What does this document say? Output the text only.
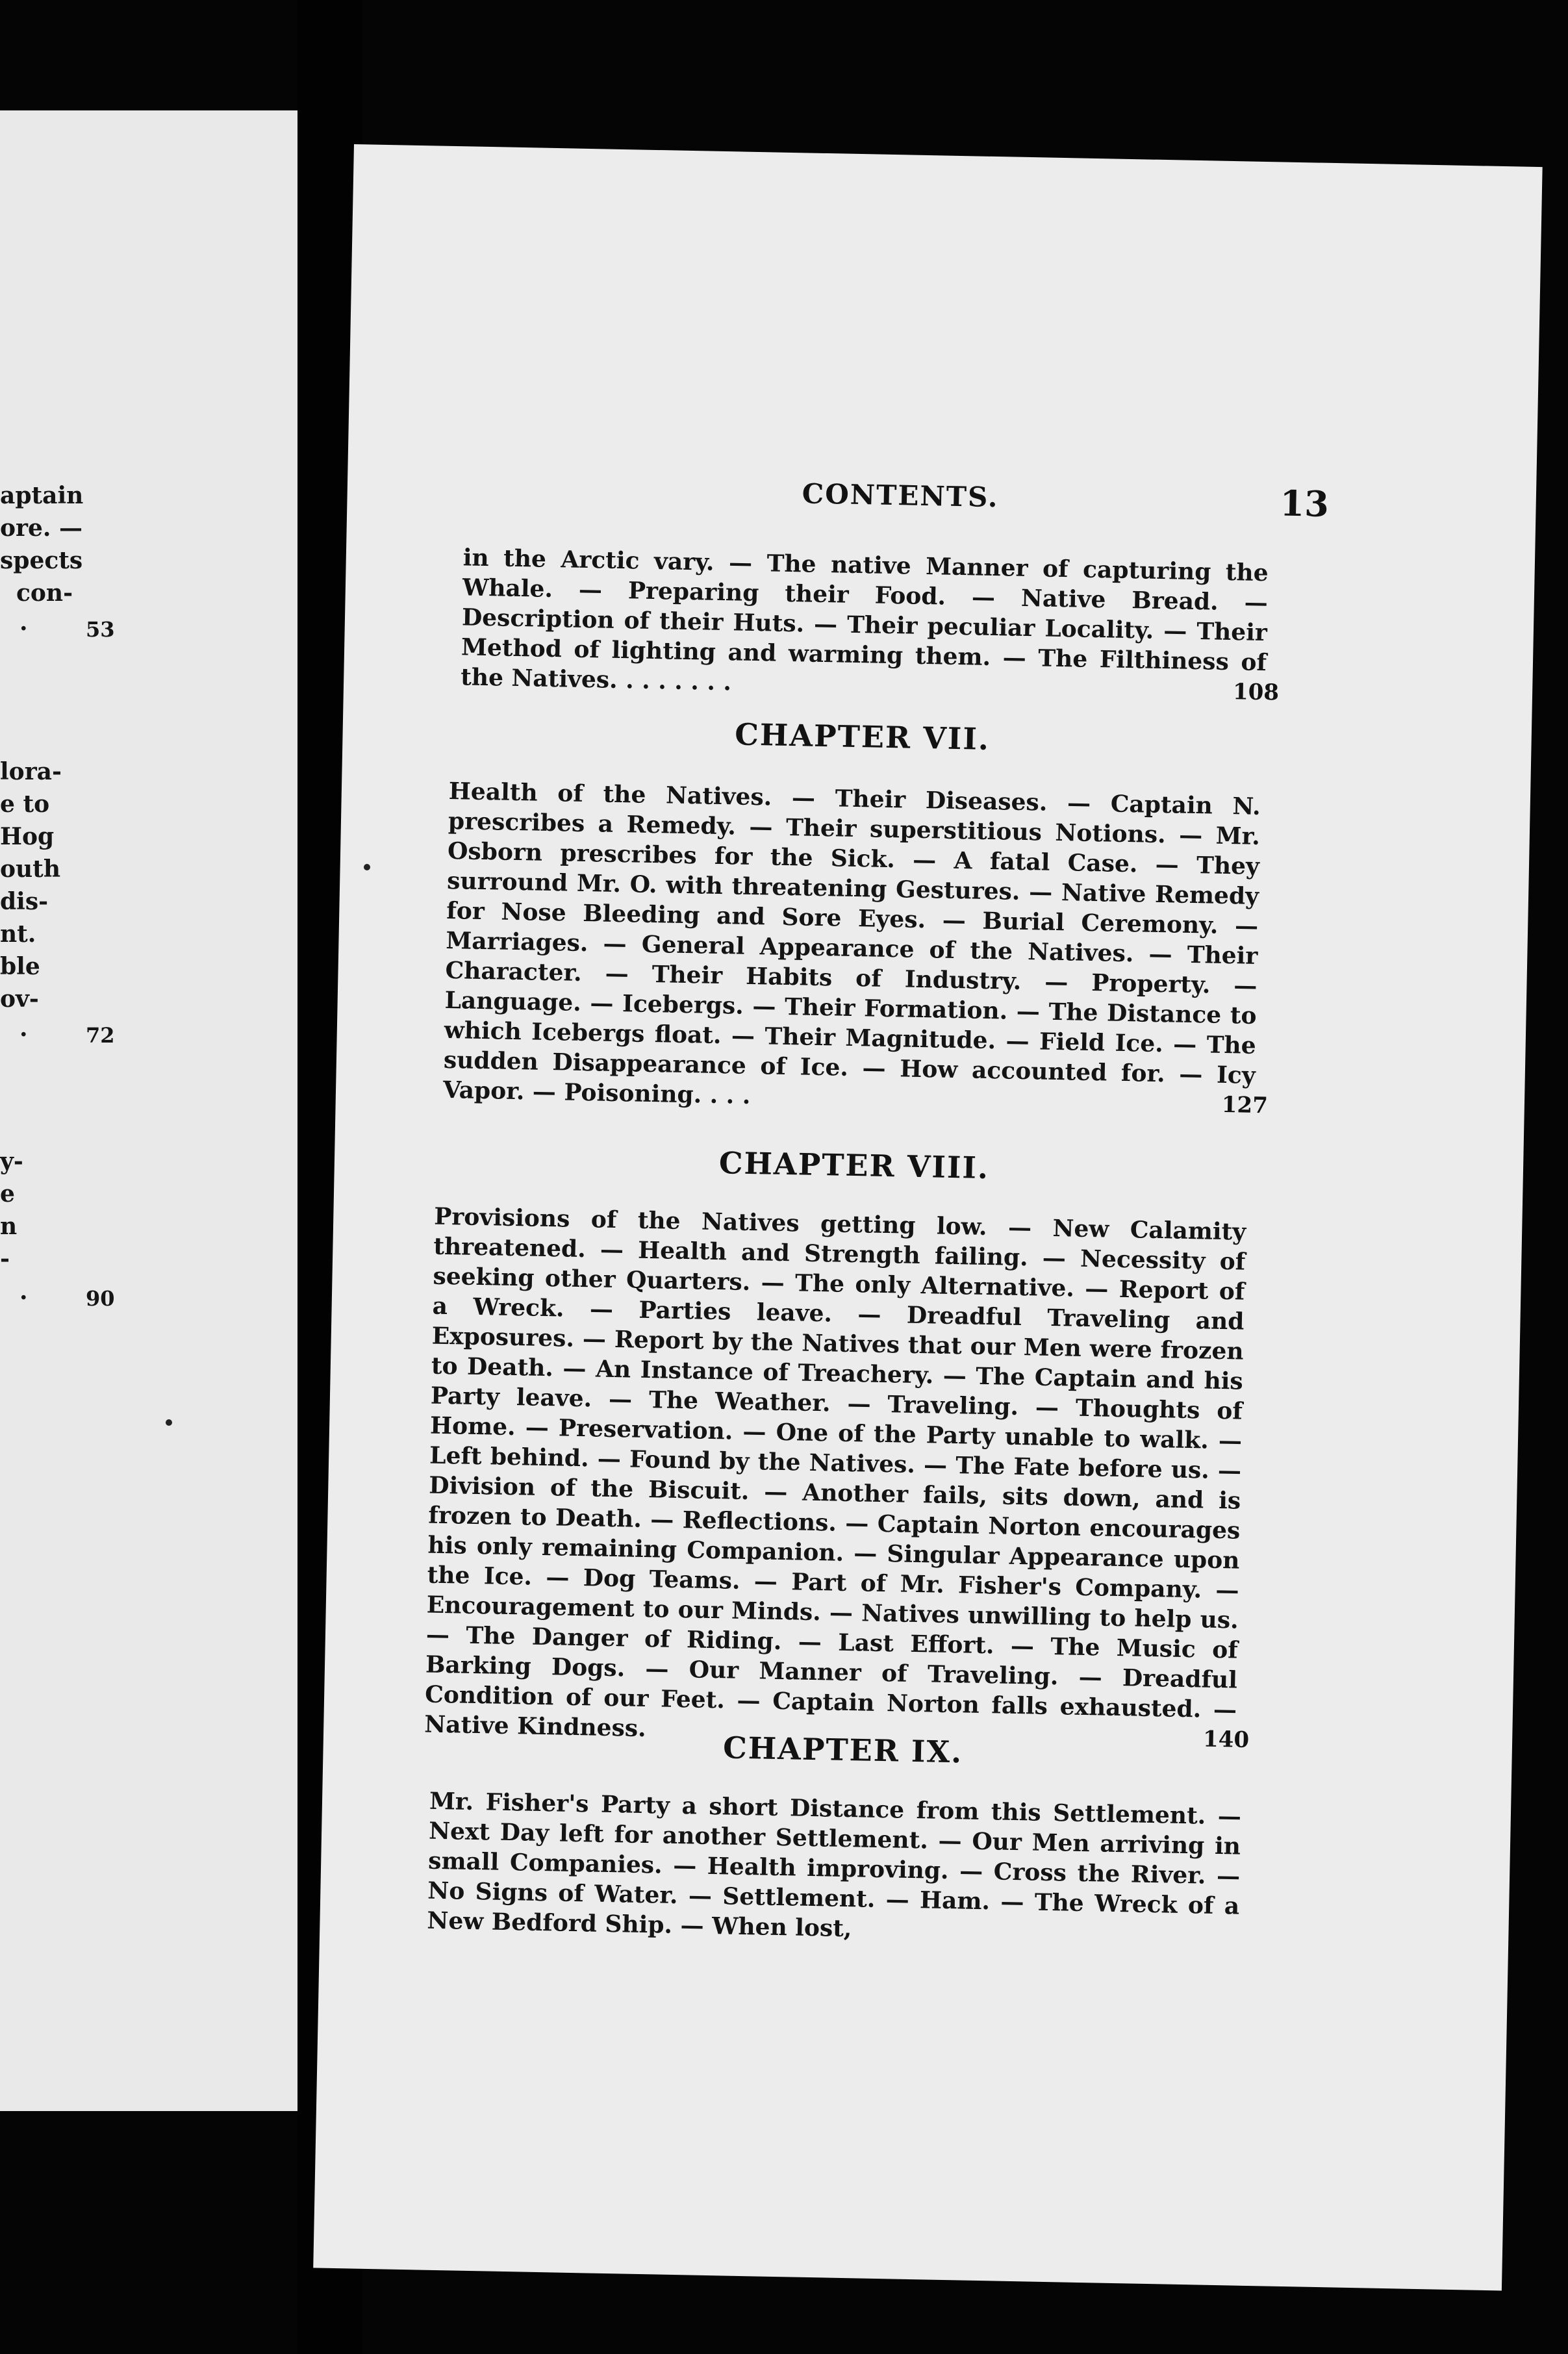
aptain
ore. —
spects
con-
.	53
lora-
e to
Hog
outh
dis-
nt.
ble
ov-
.	72
y-
e
n
-
.	90
CONTENTS.	13
in the Arctic vary. — The native Manner of capturing the Whale. — Preparing their Food. — Native Bread. — Description of their Huts. — Their peculiar Locality. — Their Method of lighting and warming them. — The Filthiness of the Natives. . . . . . . .	108
CHAPTER VII.
Health of the Natives. — Their Diseases. — Captain N. prescribes a Remedy. — Their superstitious Notions. — Mr. Osborn prescribes for the Sick. — A fatal Case. — They surround Mr. O. with threatening Gestures. — Native Remedy for Nose Bleeding and Sore Eyes. — Burial Ceremony. — Marriages. — General Appearance of the Natives. — Their Character. — Their Habits of Industry. — Property. — Language. — Icebergs. — Their Formation. — The Distance to which Icebergs float. — Their Magnitude. — Field Ice. — The sudden Disappearance of Ice. — How accounted for. — Icy Vapor. — Poisoning. . . .	127
CHAPTER VIII.
Provisions of the Natives getting low. — New Calamity threatened. — Health and Strength failing. — Necessity of seeking other Quarters. — The only Alternative. — Report of a Wreck. — Parties leave. — Dreadful Traveling and Exposures. — Report by the Natives that our Men were frozen to Death. — An Instance of Treachery. — The Captain and his Party leave. — The Weather. — Traveling. — Thoughts of Home. — Preservation. — One of the Party unable to walk. — Left behind. — Found by the Natives. — The Fate before us. — Division of the Biscuit. — Another fails, sits down, and is frozen to Death. — Reflections. — Captain Norton encourages his only remaining Companion. — Singular Appearance upon the Ice. — Dog Teams. — Part of Mr. Fisher's Company. — Encouragement to our Minds. — Natives unwilling to help us. — The Danger of Riding. — Last Effort. — The Music of Barking Dogs. — Our Manner of Traveling. — Dreadful Condition of our Feet. — Captain Norton falls exhausted. — Native Kindness.	140
CHAPTER IX.
Mr. Fisher's Party a short Distance from this Settlement. — Next Day left for another Settlement. — Our Men arriving in small Companies. — Health improving. — Cross the River. — No Signs of Water. — Settlement. — Ham. — The Wreck of a New Bedford Ship. — When lost,
